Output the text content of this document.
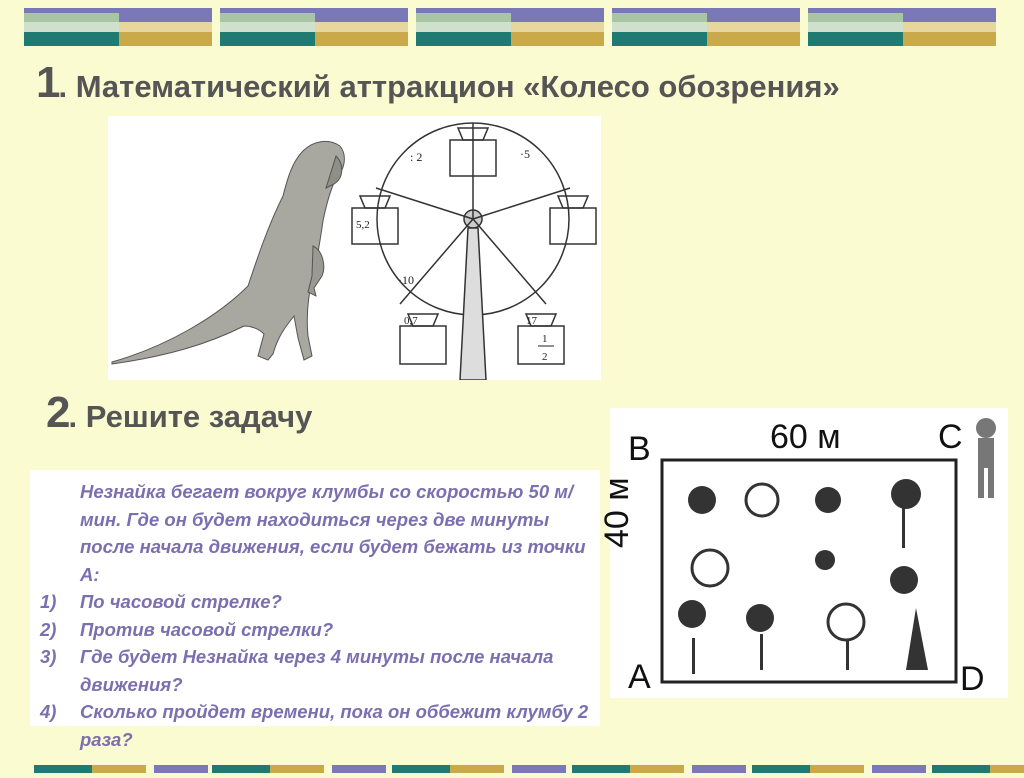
1. Математический аттракцион «Колесо обозрения»
: 2	·5
5,2
·10
0,7	17
1
2
2. Решите задачу
Незнайка бегает вокруг клумбы со скоростью 50 м/мин. Где он будет находиться через две минуты после начала движения, если будет бежать из точки А:
1)	По часовой стрелке?
2)	Против часовой стрелки?
3)	Где будет Незнайка через 4 минуты после начала движения?
4)	Сколько пройдет времени, пока он оббежит клумбу 2 раза?
B	60 м	C
40 м
A	D
